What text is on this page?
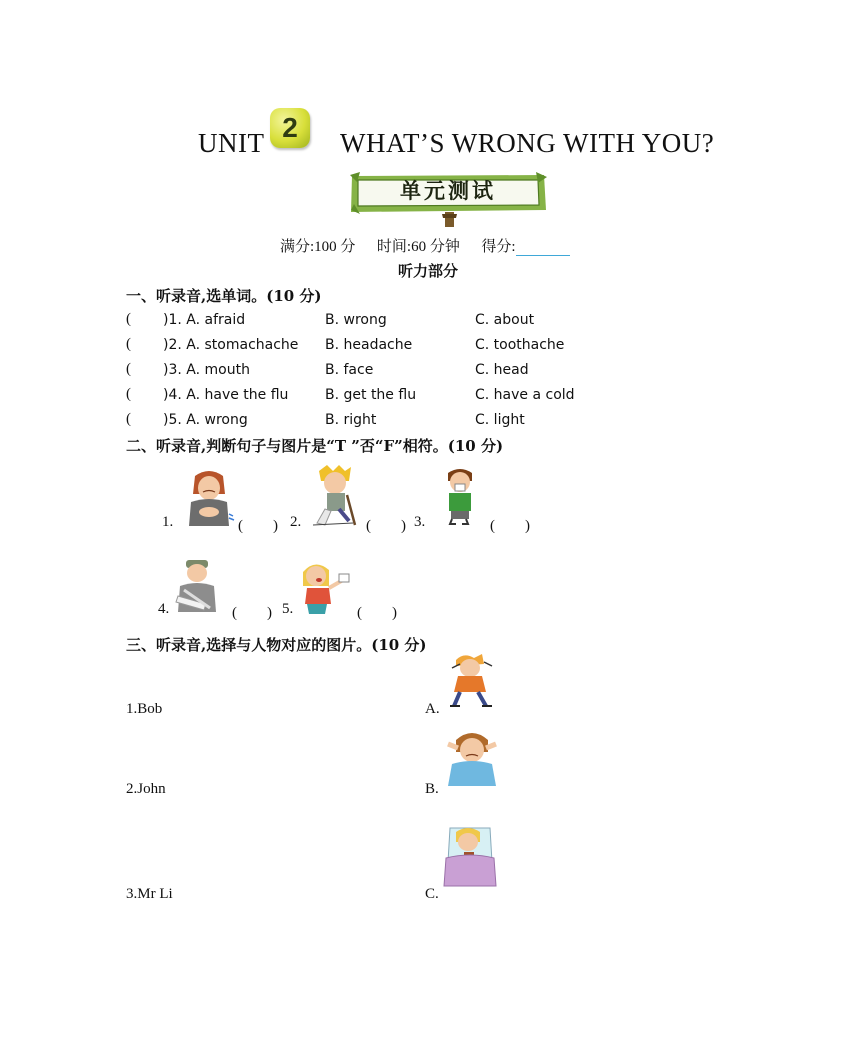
UNIT 2	WHAT’S WRONG WITH YOU?
单元测试
满分:100 分 时间:60 分钟 得分:
听力部分
一、听录音,选单词。(10 分)
( )1. A. afraid	B. wrong	C. about
( )2. A. stomachache B. headache	C. toothache
( )3. A. mouth	B. face	C. head
( )4. A. have the flu	B. get the flu	C. have a cold
( )5. A. wrong	B. right	C. light
二、听录音,判断句子与图片是“T ”否“F”相符。(10 分)
1.	(　　) 2.	(　　) 3.	(　　)
4.	(　　) 5.	(　　)
三、听录音,选择与人物对应的图片。(10 分)
1.Bob	A.
2.John	B.
3.Mr Li	C.
